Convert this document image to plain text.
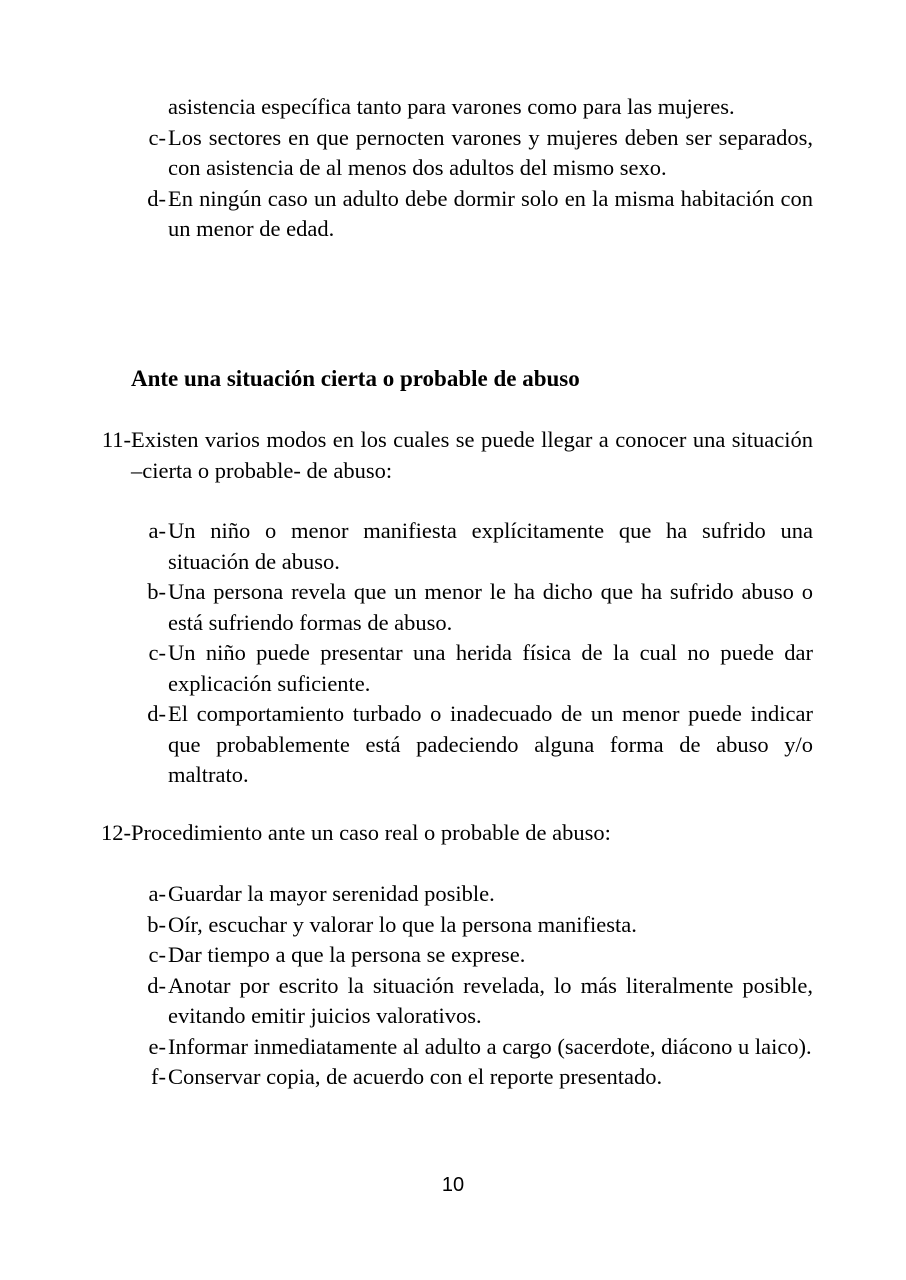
asistencia específica tanto para varones como para las mujeres.
c- Los sectores en que pernocten varones y mujeres deben ser separados, con asistencia de al menos dos adultos del mismo sexo.
d- En ningún caso un adulto debe dormir solo en la misma habitación con un menor de edad.
Ante una situación cierta o probable de abuso
11- Existen varios modos en los cuales se puede llegar a conocer una situación –cierta o probable- de abuso:
a- Un niño o menor manifiesta explícitamente que ha sufrido una situación de abuso.
b- Una persona revela que un menor le ha dicho que ha sufrido abuso o está sufriendo formas de abuso.
c- Un niño puede presentar una herida física de la cual no puede dar explicación suficiente.
d- El comportamiento turbado o inadecuado de un menor puede indicar que probablemente está padeciendo alguna forma de abuso y/o maltrato.
12- Procedimiento ante un caso real o probable de abuso:
a- Guardar la mayor serenidad posible.
b- Oír, escuchar y valorar lo que la persona manifiesta.
c- Dar tiempo a que la persona se exprese.
d- Anotar por escrito la situación revelada, lo más literalmente posible, evitando emitir juicios valorativos.
e- Informar inmediatamente al adulto a cargo (sacerdote, diácono u laico).
f- Conservar copia, de acuerdo con el reporte presentado.
10
